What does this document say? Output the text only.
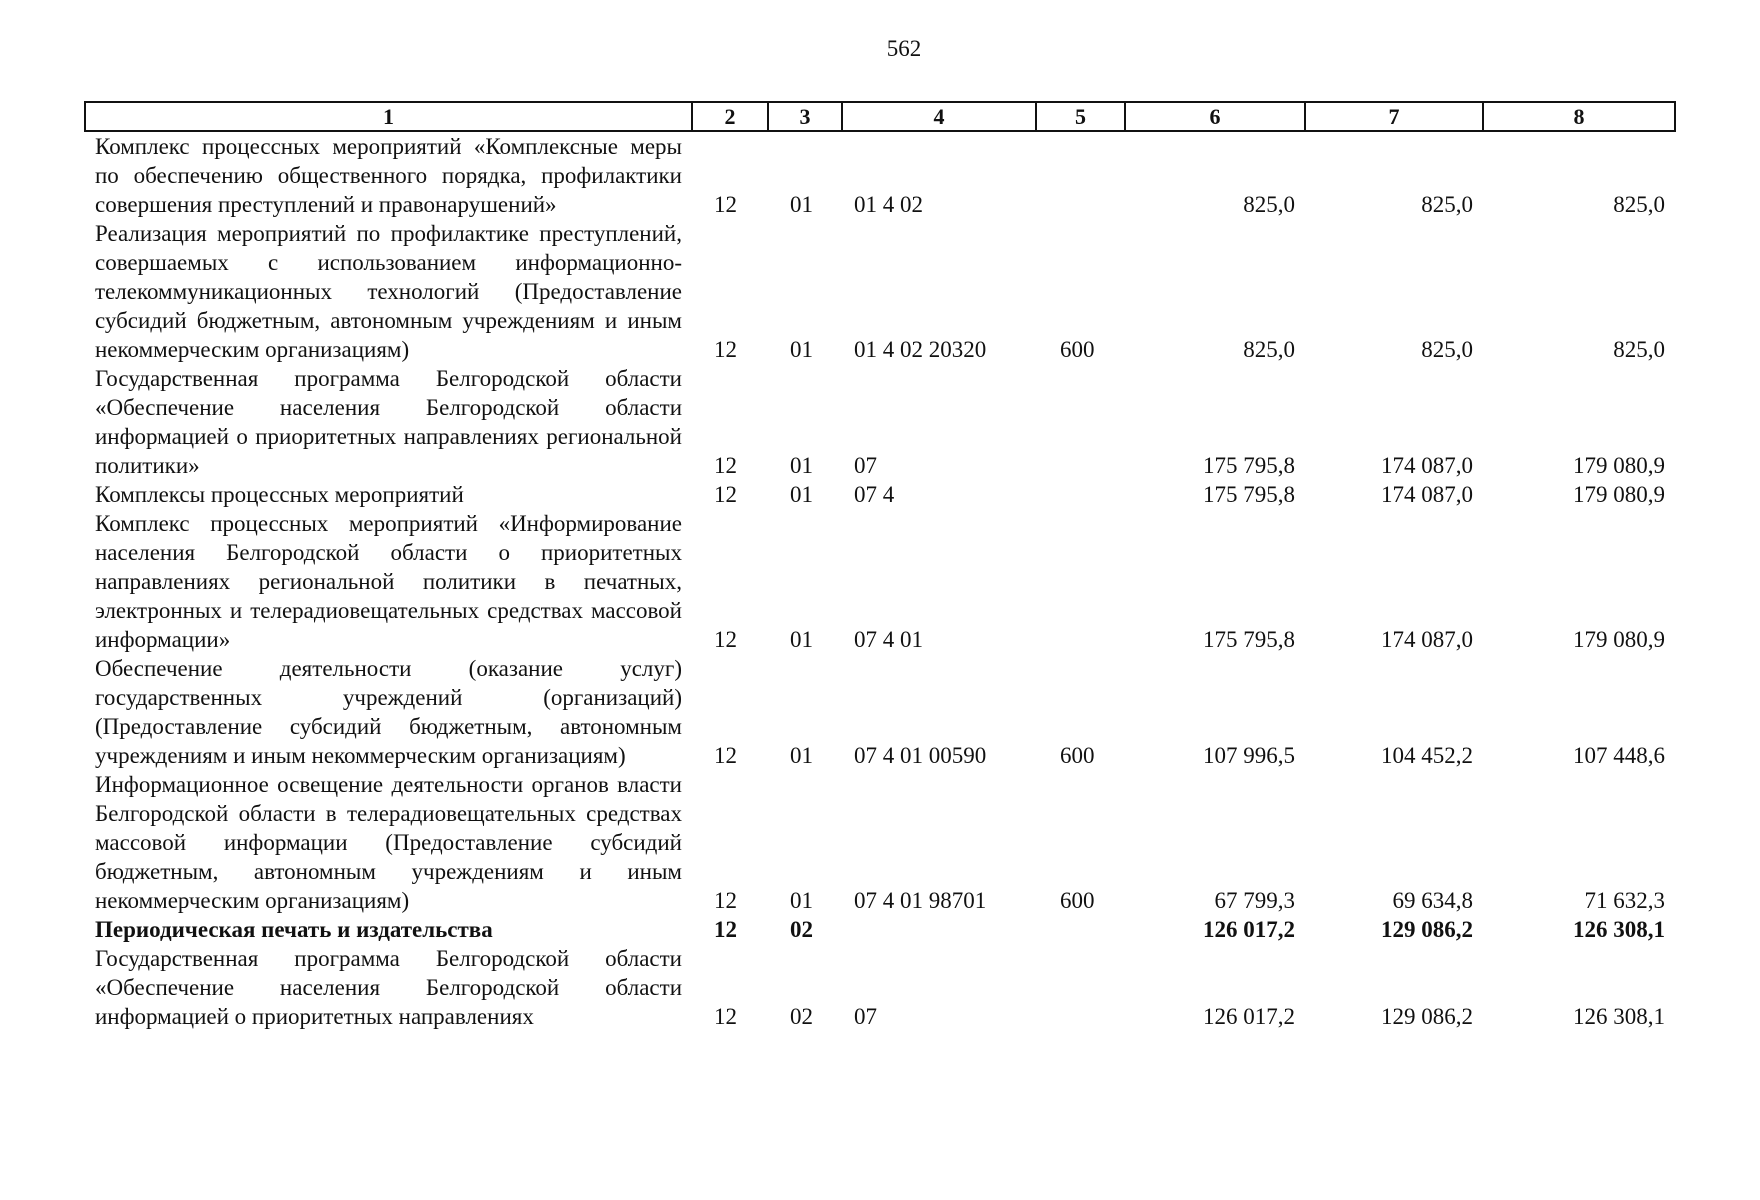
562
1	2	3	4	5	6	7	8
Комплекс процессных мероприятий «Комплексные меры по обеспечению общественного порядка, профилактики совершения преступлений и правонарушений»	12	01	01 4 02		825,0	825,0	825,0
Реализация мероприятий по профилактике преступлений, совершаемых с использованием информационно-телекоммуникационных технологий (Предоставление субсидий бюджетным, автономным учреждениям и иным некоммерческим организациям)	12	01	01 4 02 20320	600	825,0	825,0	825,0
Государственная программа Белгородской области «Обеспечение населения Белгородской области информацией о приоритетных направлениях региональной политики»	12	01	07		175 795,8	174 087,0	179 080,9
Комплексы процессных мероприятий	12	01	07 4		175 795,8	174 087,0	179 080,9
Комплекс процессных мероприятий «Информирование населения Белгородской области о приоритетных направлениях региональной политики в печатных, электронных и телерадиовещательных средствах массовой информации»	12	01	07 4 01		175 795,8	174 087,0	179 080,9
Обеспечение деятельности (оказание услуг) государственных учреждений (организаций) (Предоставление субсидий бюджетным, автономным учреждениям и иным некоммерческим организациям)	12	01	07 4 01 00590	600	107 996,5	104 452,2	107 448,6
Информационное освещение деятельности органов власти Белгородской области в телерадиовещательных средствах массовой информации (Предоставление субсидий бюджетным, автономным учреждениям и иным некоммерческим организациям)	12	01	07 4 01 98701	600	67 799,3	69 634,8	71 632,3
Периодическая печать и издательства	12	02			126 017,2	129 086,2	126 308,1
Государственная программа Белгородской области «Обеспечение населения Белгородской области информацией о приоритетных направлениях	12	02	07		126 017,2	129 086,2	126 308,1
